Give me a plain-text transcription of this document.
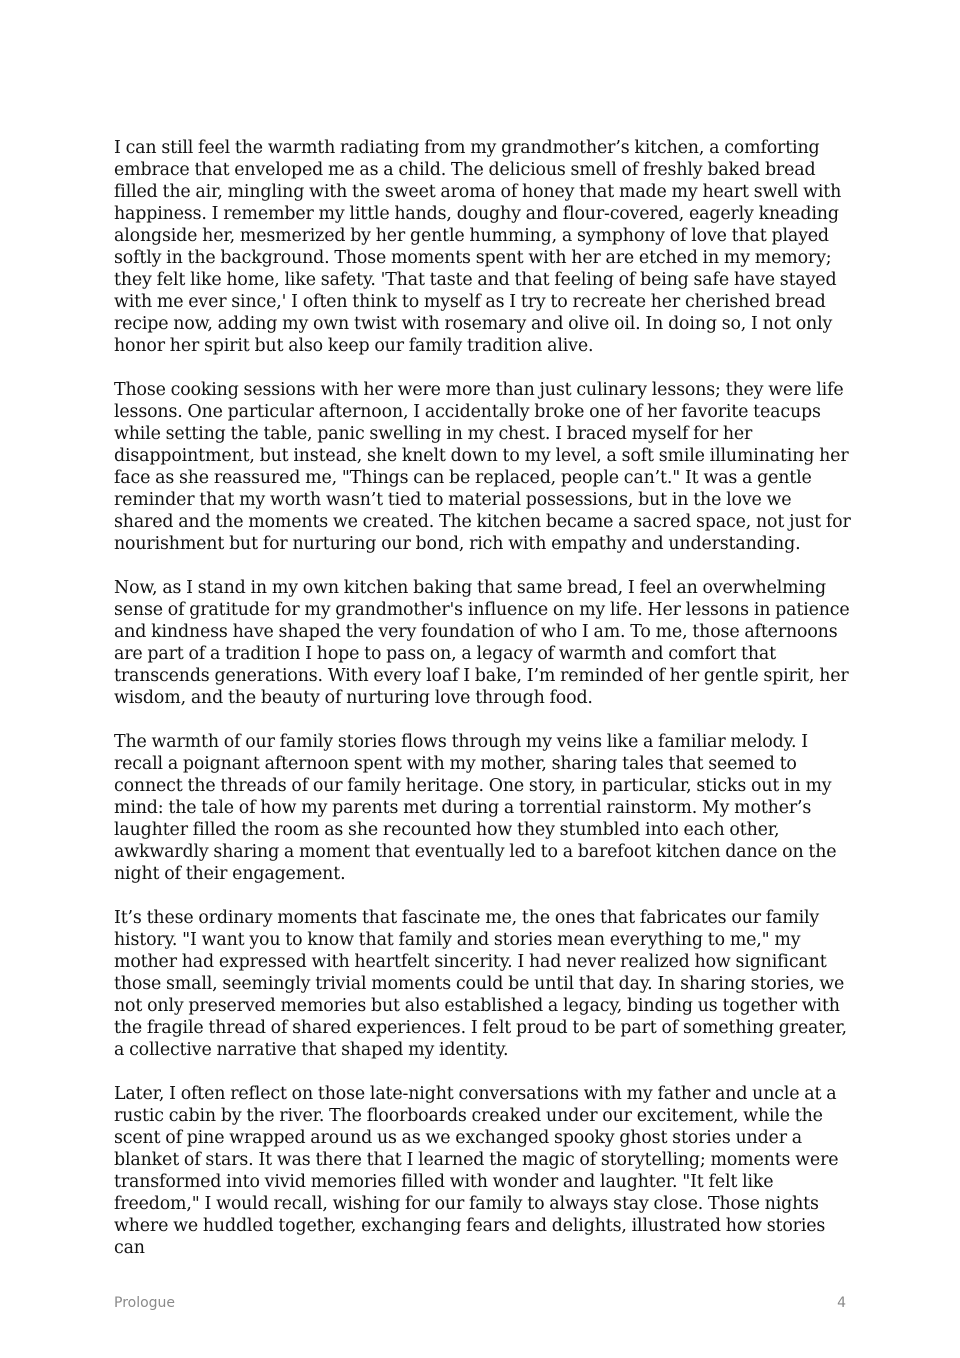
I can still feel the warmth radiating from my grandmother’s kitchen, a comforting embrace that enveloped me as a child. The delicious smell of freshly baked bread filled the air, mingling with the sweet aroma of honey that made my heart swell with happiness. I remember my little hands, doughy and flour-covered, eagerly kneading alongside her, mesmerized by her gentle humming, a symphony of love that played softly in the background. Those moments spent with her are etched in my memory; they felt like home, like safety. 'That taste and that feeling of being safe have stayed with me ever since,' I often think to myself as I try to recreate her cherished bread recipe now, adding my own twist with rosemary and olive oil. In doing so, I not only honor her spirit but also keep our family tradition alive.

Those cooking sessions with her were more than just culinary lessons; they were life lessons. One particular afternoon, I accidentally broke one of her favorite teacups while setting the table, panic swelling in my chest. I braced myself for her disappointment, but instead, she knelt down to my level, a soft smile illuminating her face as she reassured me, "Things can be replaced, people can’t." It was a gentle reminder that my worth wasn’t tied to material possessions, but in the love we shared and the moments we created. The kitchen became a sacred space, not just for nourishment but for nurturing our bond, rich with empathy and understanding.

Now, as I stand in my own kitchen baking that same bread, I feel an overwhelming sense of gratitude for my grandmother's influence on my life. Her lessons in patience and kindness have shaped the very foundation of who I am. To me, those afternoons are part of a tradition I hope to pass on, a legacy of warmth and comfort that transcends generations. With every loaf I bake, I’m reminded of her gentle spirit, her wisdom, and the beauty of nurturing love through food.

The warmth of our family stories flows through my veins like a familiar melody. I recall a poignant afternoon spent with my mother, sharing tales that seemed to connect the threads of our family heritage. One story, in particular, sticks out in my mind: the tale of how my parents met during a torrential rainstorm. My mother’s laughter filled the room as she recounted how they stumbled into each other, awkwardly sharing a moment that eventually led to a barefoot kitchen dance on the night of their engagement.

It’s these ordinary moments that fascinate me, the ones that fabricates our family history. "I want you to know that family and stories mean everything to me," my mother had expressed with heartfelt sincerity. I had never realized how significant those small, seemingly trivial moments could be until that day. In sharing stories, we not only preserved memories but also established a legacy, binding us together with the fragile thread of shared experiences. I felt proud to be part of something greater, a collective narrative that shaped my identity.

Later, I often reflect on those late-night conversations with my father and uncle at a rustic cabin by the river. The floorboards creaked under our excitement, while the scent of pine wrapped around us as we exchanged spooky ghost stories under a blanket of stars. It was there that I learned the magic of storytelling; moments were transformed into vivid memories filled with wonder and laughter. "It felt like freedom," I would recall, wishing for our family to always stay close. Those nights where we huddled together, exchanging fears and delights, illustrated how stories can

Prologue	4
